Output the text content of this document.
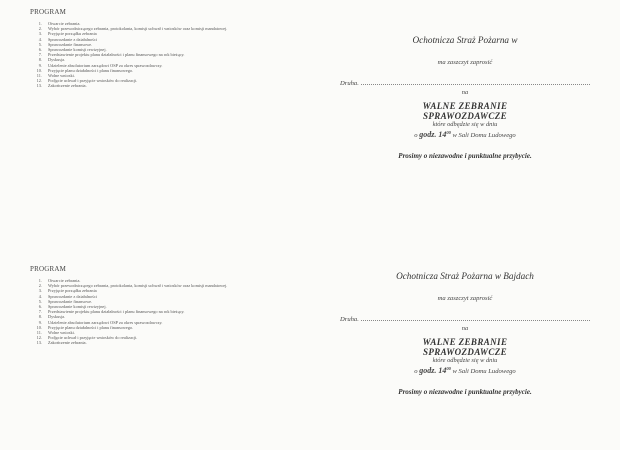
PROGRAM
1.	Otwarcie zebrania.
2.	Wybór przewodniczącego zebrania, protokolanta, komisji uchwał i wniosków oraz komisji mandatowej.
3.	Przyjęcie porządku zebrania
4.	Sprawozdanie z działalności
5.	Sprawozdanie finansowe.
6.	Sprawozdanie komisji rewizyjnej.
7.	Przedstawienie projektu planu działalności i planu finansowego na rok bieżący.
8.	Dyskusja.
9.	Udzielenie absolutorium zarządowi OSP za okres sprawozdawczy.
10.	Przyjęcie planu działalności i planu finansowego.
11.	Wolne wnioski.
12.	Podjęcie uchwał i przyjęcie wniosków do realizacji.
13.	Zakończenie zebrania.
Ochotnicza Straż Pożarna w
ma zaszczyt zaprosić
Druha.
na
WALNE ZEBRANIE
SPRAWOZDAWCZE
które odbędzie się w dniu
o godz. $14^{00}$ w Sali Domu Ludowego
Prosimy o niezawodne i punktualne przybycie.
PROGRAM
1.	Otwarcie zebrania.
2.	Wybór przewodniczącego zebrania, protokolanta, komisji uchwał i wniosków oraz komisji mandatowej.
3.	Przyjęcie porządku zebrania
4.	Sprawozdanie z działalności
5.	Sprawozdanie finansowe.
6.	Sprawozdanie komisji rewizyjnej.
7.	Przedstawienie projektu planu działalności i planu finansowego na rok bieżący.
8.	Dyskusja.
9.	Udzielenie absolutorium zarządowi OSP za okres sprawozdawczy.
10.	Przyjęcie planu działalności i planu finansowego.
11.	Wolne wnioski.
12.	Podjęcie uchwał i przyjęcie wniosków do realizacji.
13.	Zakończenie zebrania.
Ochotnicza Straż Pożarna w Bajdach
ma zaszczyt zaprosić
Druha.
na
WALNE ZEBRANIE
SPRAWOZDAWCZE
które odbędzie się w dniu
o godz. $14^{00}$ w Sali Domu Ludowego
Prosimy o niezawodne i punktualne przybycie.
